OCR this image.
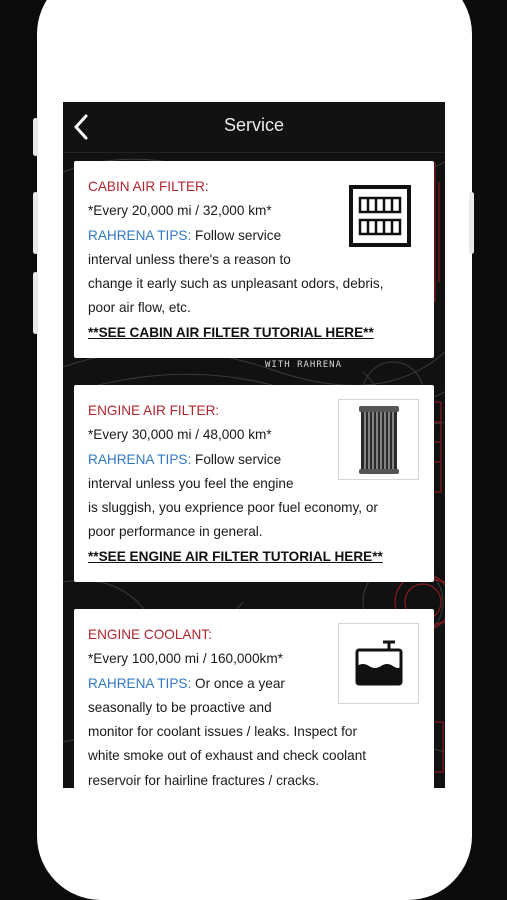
WITH RAHRENA
Service
CABIN AIR FILTER:
*Every 20,000 mi / 32,000 km*
RAHRENA TIPS: Follow service
interval unless there's a reason to
change it early such as unpleasant odors, debris,
poor air flow, etc.
**SEE CABIN AIR FILTER TUTORIAL HERE**
ENGINE AIR FILTER:
*Every 30,000 mi / 48,000 km*
RAHRENA TIPS: Follow service
interval unless you feel the engine
is sluggish, you exprience poor fuel economy, or
poor performance in general.
**SEE ENGINE AIR FILTER TUTORIAL HERE**
ENGINE COOLANT:
*Every 100,000 mi / 160,000km*
RAHRENA TIPS: Or once a year
seasonally to be proactive and
monitor for coolant issues / leaks. Inspect for
white smoke out of exhaust and check coolant
reservoir for hairline fractures / cracks.
